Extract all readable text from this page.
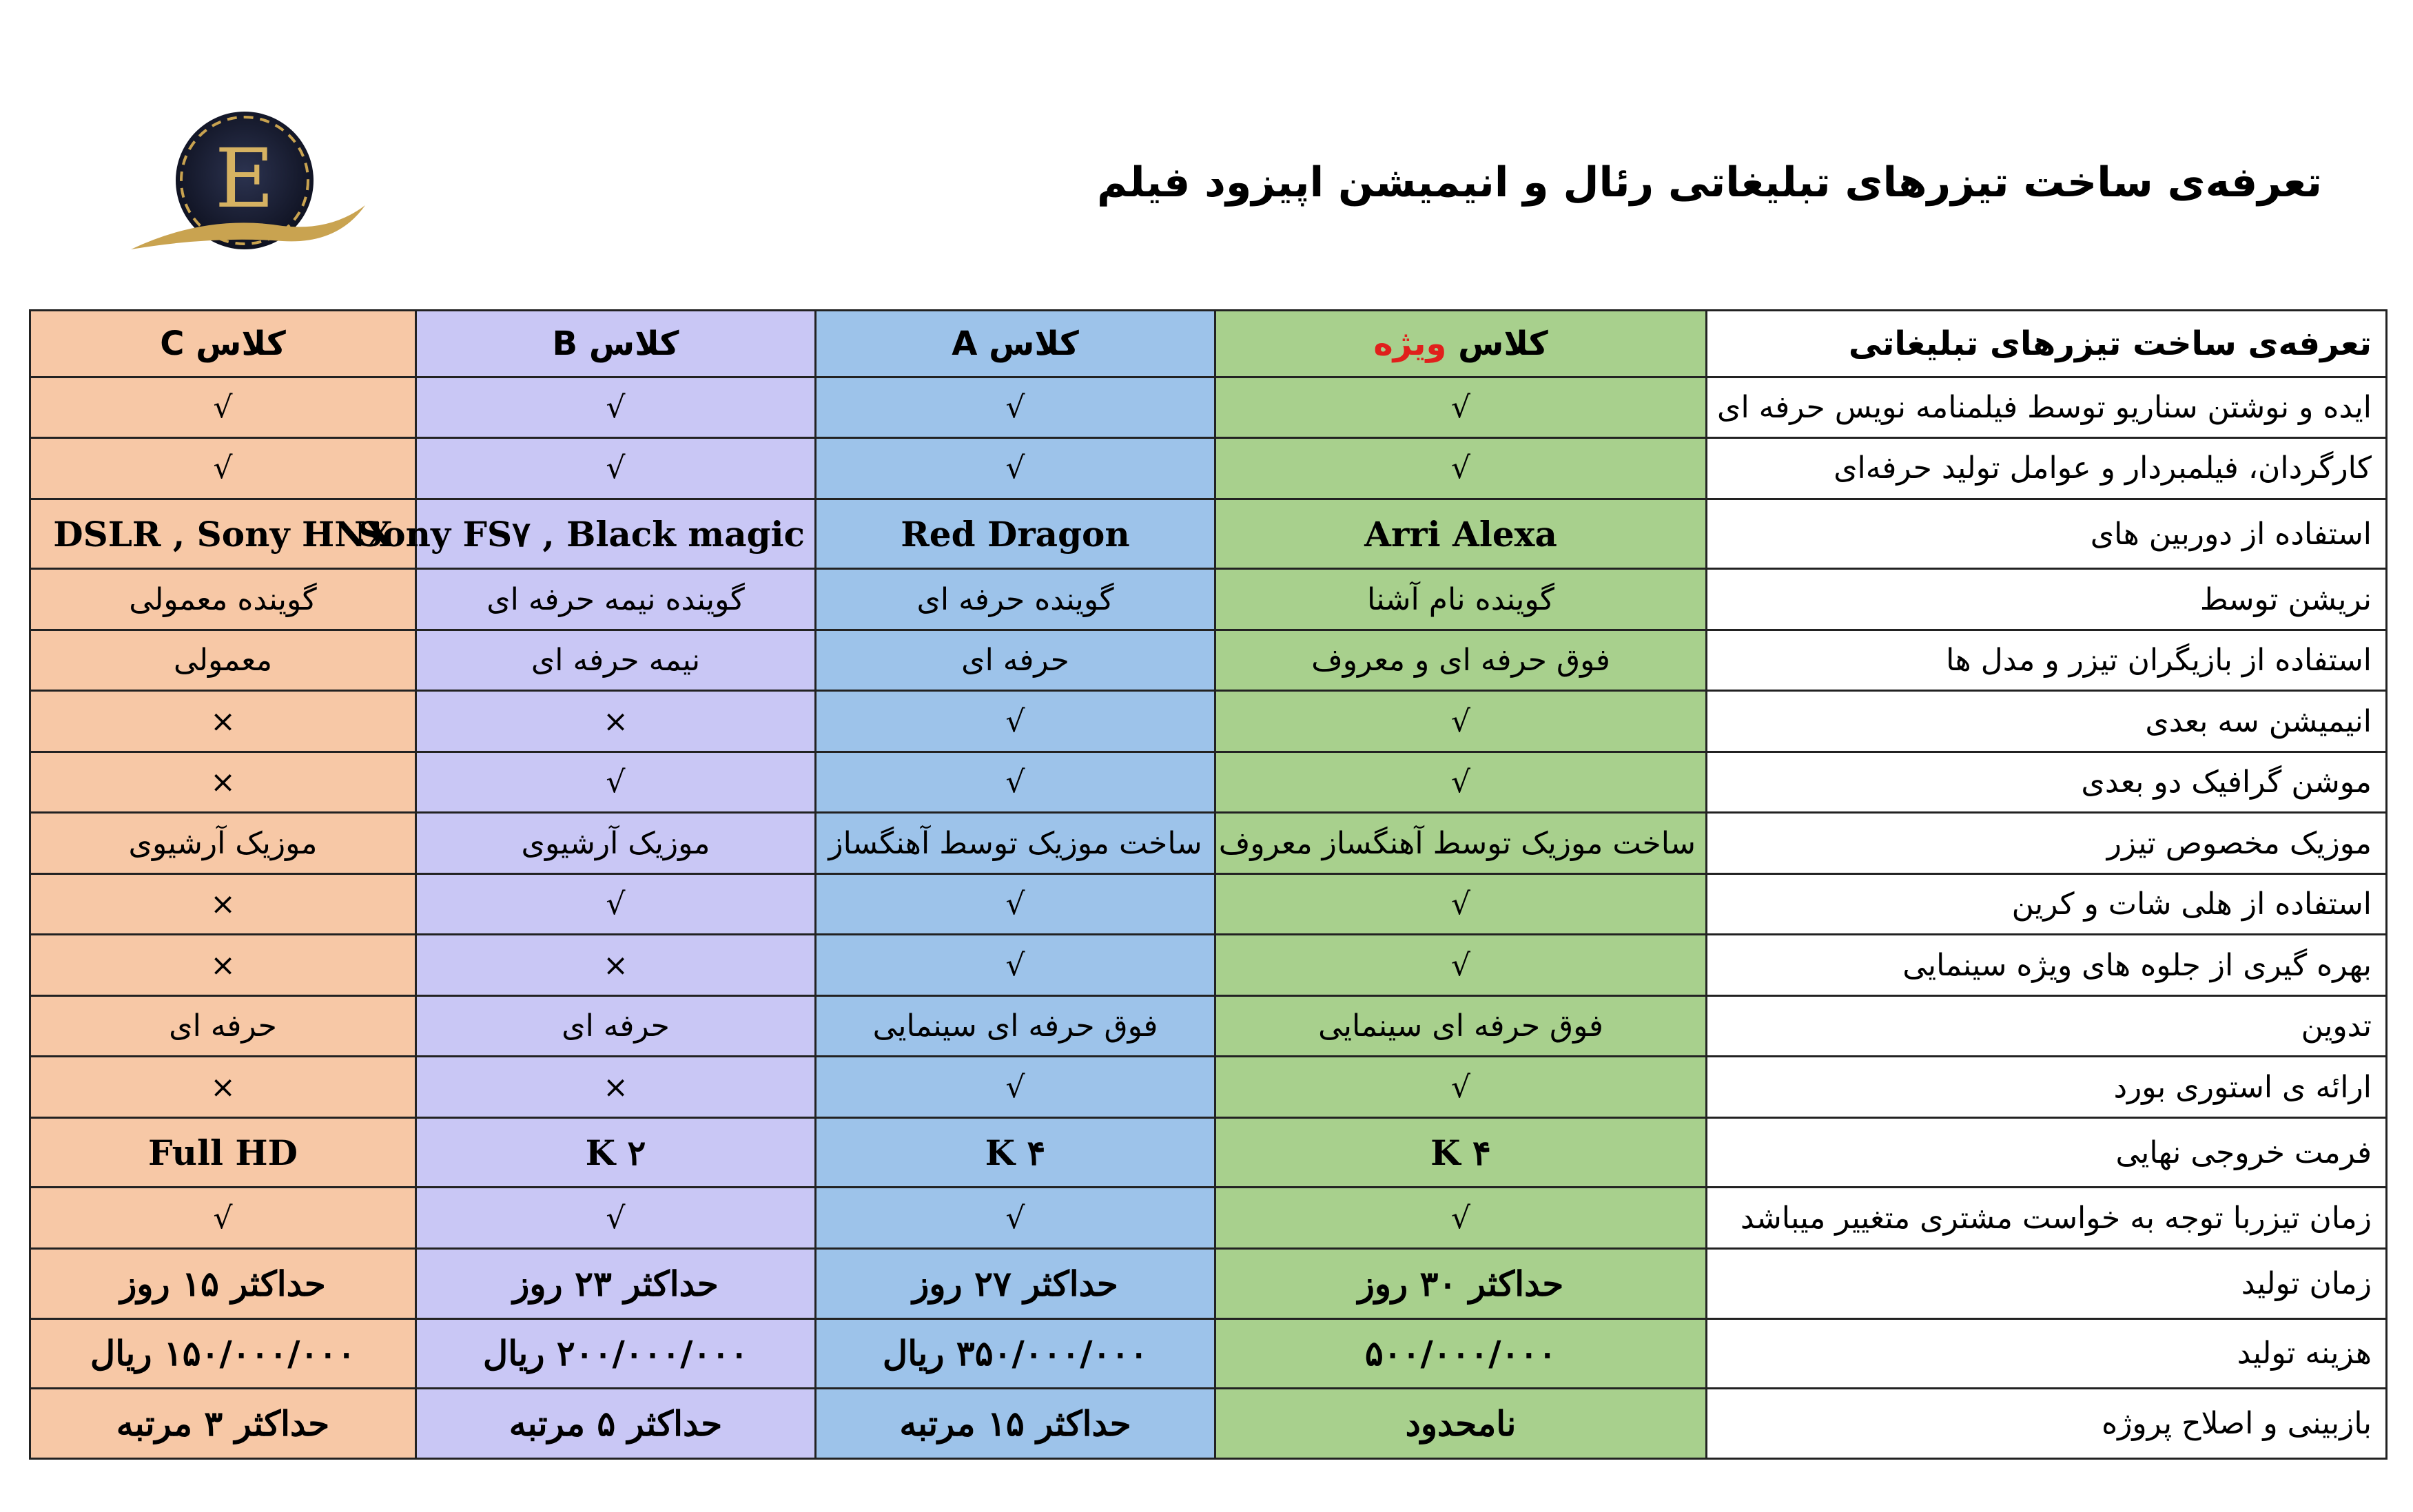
E	تعرفه‌ی ساخت تیزرهای تبلیغاتی رئال و انیمیشن اپیزود فیلم
کلاس C	کلاس B	کلاس A	کلاس ویژه	تعرفه‌ی ساخت تیزرهای تبلیغاتی
√	√	√	√	ایده و نوشتن سناریو توسط فیلمنامه نویس حرفه ای
√	√	√	√	کارگردان، فیلمبردار و عوامل تولید حرفه‌ای
DSLR , Sony HNX	Sony FS۷ , Black magic	Red Dragon	Arri Alexa	استفاده از دوربین های
گوینده معمولی	گوینده نیمه حرفه ای	گوینده حرفه ای	گوینده نام آشنا	نریشن توسط
معمولی	نیمه حرفه ای	حرفه ای	فوق حرفه ای و معروف	استفاده از بازیگران تیزر و مدل ها
×	×	√	√	انیمیشن سه بعدی
×	√	√	√	موشن گرافیک دو بعدی
موزیک آرشیوی	موزیک آرشیوی	ساخت موزیک توسط آهنگساز	ساخت موزیک توسط آهنگساز معروف	موزیک مخصوص تیزر
×	√	√	√	استفاده از هلی شات و کرین
×	×	√	√	بهره گیری از جلوه های ویژه سینمایی
حرفه ای	حرفه ای	فوق حرفه ای سینمایی	فوق حرفه ای سینمایی	تدوین
×	×	√	√	ارائه ی استوری بورد
Full HD	۲ K	۴ K	۴ K	فرمت خروجی نهایی
√	√	√	√	زمان تیزربا توجه به خواست مشتری متغییر میباشد
حداکثر ۱۵ روز	حداکثر ۲۳ روز	حداکثر ۲۷ روز	حداکثر ۳۰ روز	زمان تولید
۱۵۰/۰۰۰/۰۰۰ ریال	۲۰۰/۰۰۰/۰۰۰ ریال	۳۵۰/۰۰۰/۰۰۰ ریال	۵۰۰/۰۰۰/۰۰۰	هزینه تولید
حداکثر ۳ مرتبه	حداکثر ۵ مرتبه	حداکثر ۱۵ مرتبه	نامحدود	بازبینی و اصلاح پروژه
